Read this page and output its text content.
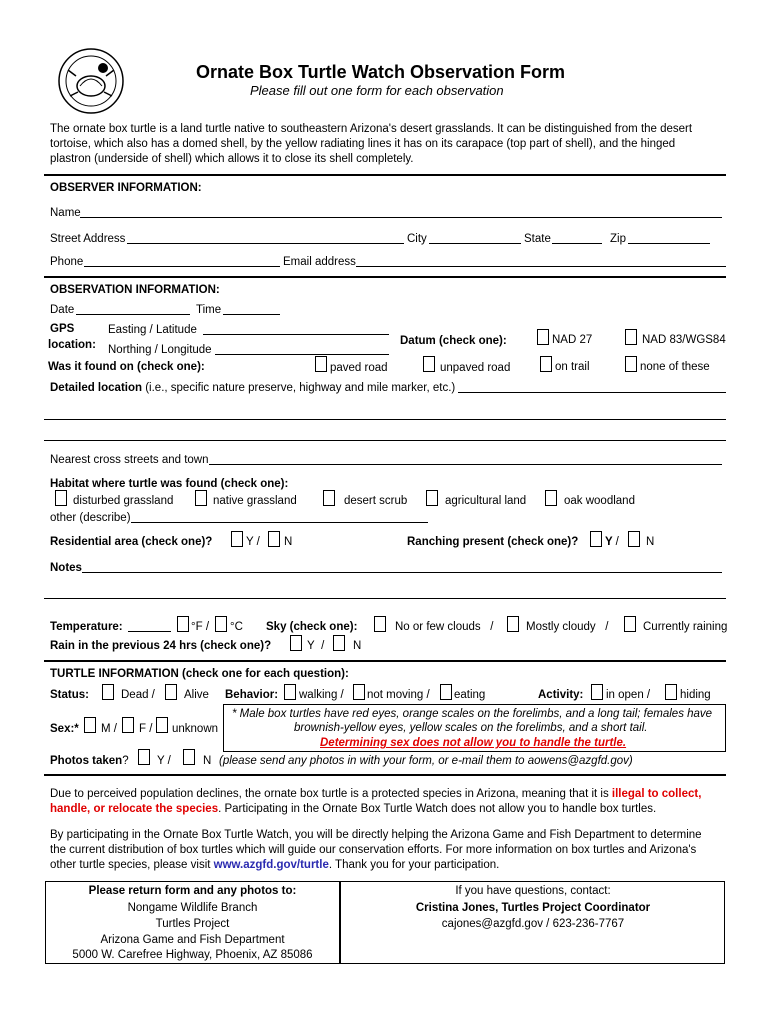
Ornate Box Turtle Watch Observation Form
Please fill out one form for each observation
The ornate box turtle is a land turtle native to southeastern Arizona's desert grasslands. It can be distinguished from the desert
tortoise, which also has a domed shell, by the yellow radiating lines it has on its carapace (top part of shell), and the hinged
plastron (underside of shell) which allows it to close its shell completely.
OBSERVER INFORMATION:
Name
Street Address	City	State	Zip
Phone	Email address
OBSERVATION INFORMATION:
Date	Time
GPS
location:
Easting / Latitude
Northing / Longitude
Datum (check one):	NAD 27	NAD 83/WGS84
Was it found on (check one):	paved road	unpaved road	on trail	none of these
Detailed location (i.e., specific nature preserve, highway and mile marker, etc.)
Nearest cross streets and town
Habitat where turtle was found (check one):
disturbed grassland	native grassland	desert scrub	agricultural land	oak woodland
other (describe)
Residential area (check one)?	Y / N	Ranching present (check one)? Y / N
Notes
Temperature:	°F / °C Sky (check one):	No or few clouds /	Mostly cloudy /	Currently raining
Rain in the previous 24 hrs (check one)?	Y / N
TURTLE INFORMATION (check one for each question):
Status:	Dead /	Alive Behavior: walking / not moving / eating	Activity: in open /	hiding
Sex:* M / F / unknown
* Male box turtles have red eyes, orange scales on the forelimbs, and a long tail; females have
brownish-yellow eyes, yellow scales on the forelimbs, and a short tail.
Determining sex does not allow you to handle the turtle.
Photos taken? Y /	N (please send any photos in with your form, or e-mail them to aowens@azgfd.gov)
Due to perceived population declines, the ornate box turtle is a protected species in Arizona, meaning that it is illegal to collect,
handle, or relocate the species. Participating in the Ornate Box Turtle Watch does not allow you to handle box turtles.
By participating in the Ornate Box Turtle Watch, you will be directly helping the Arizona Game and Fish Department to determine
the current distribution of box turtles which will guide our conservation efforts. For more information on box turtles and Arizona's
other turtle species, please visit www.azgfd.gov/turtle. Thank you for your participation.
Please return form and any photos to:
Nongame Wildlife Branch
Turtles Project
Arizona Game and Fish Department
5000 W. Carefree Highway, Phoenix, AZ 85086
If you have questions, contact:
Cristina Jones, Turtles Project Coordinator
cajones@azgfd.gov / 623-236-7767
